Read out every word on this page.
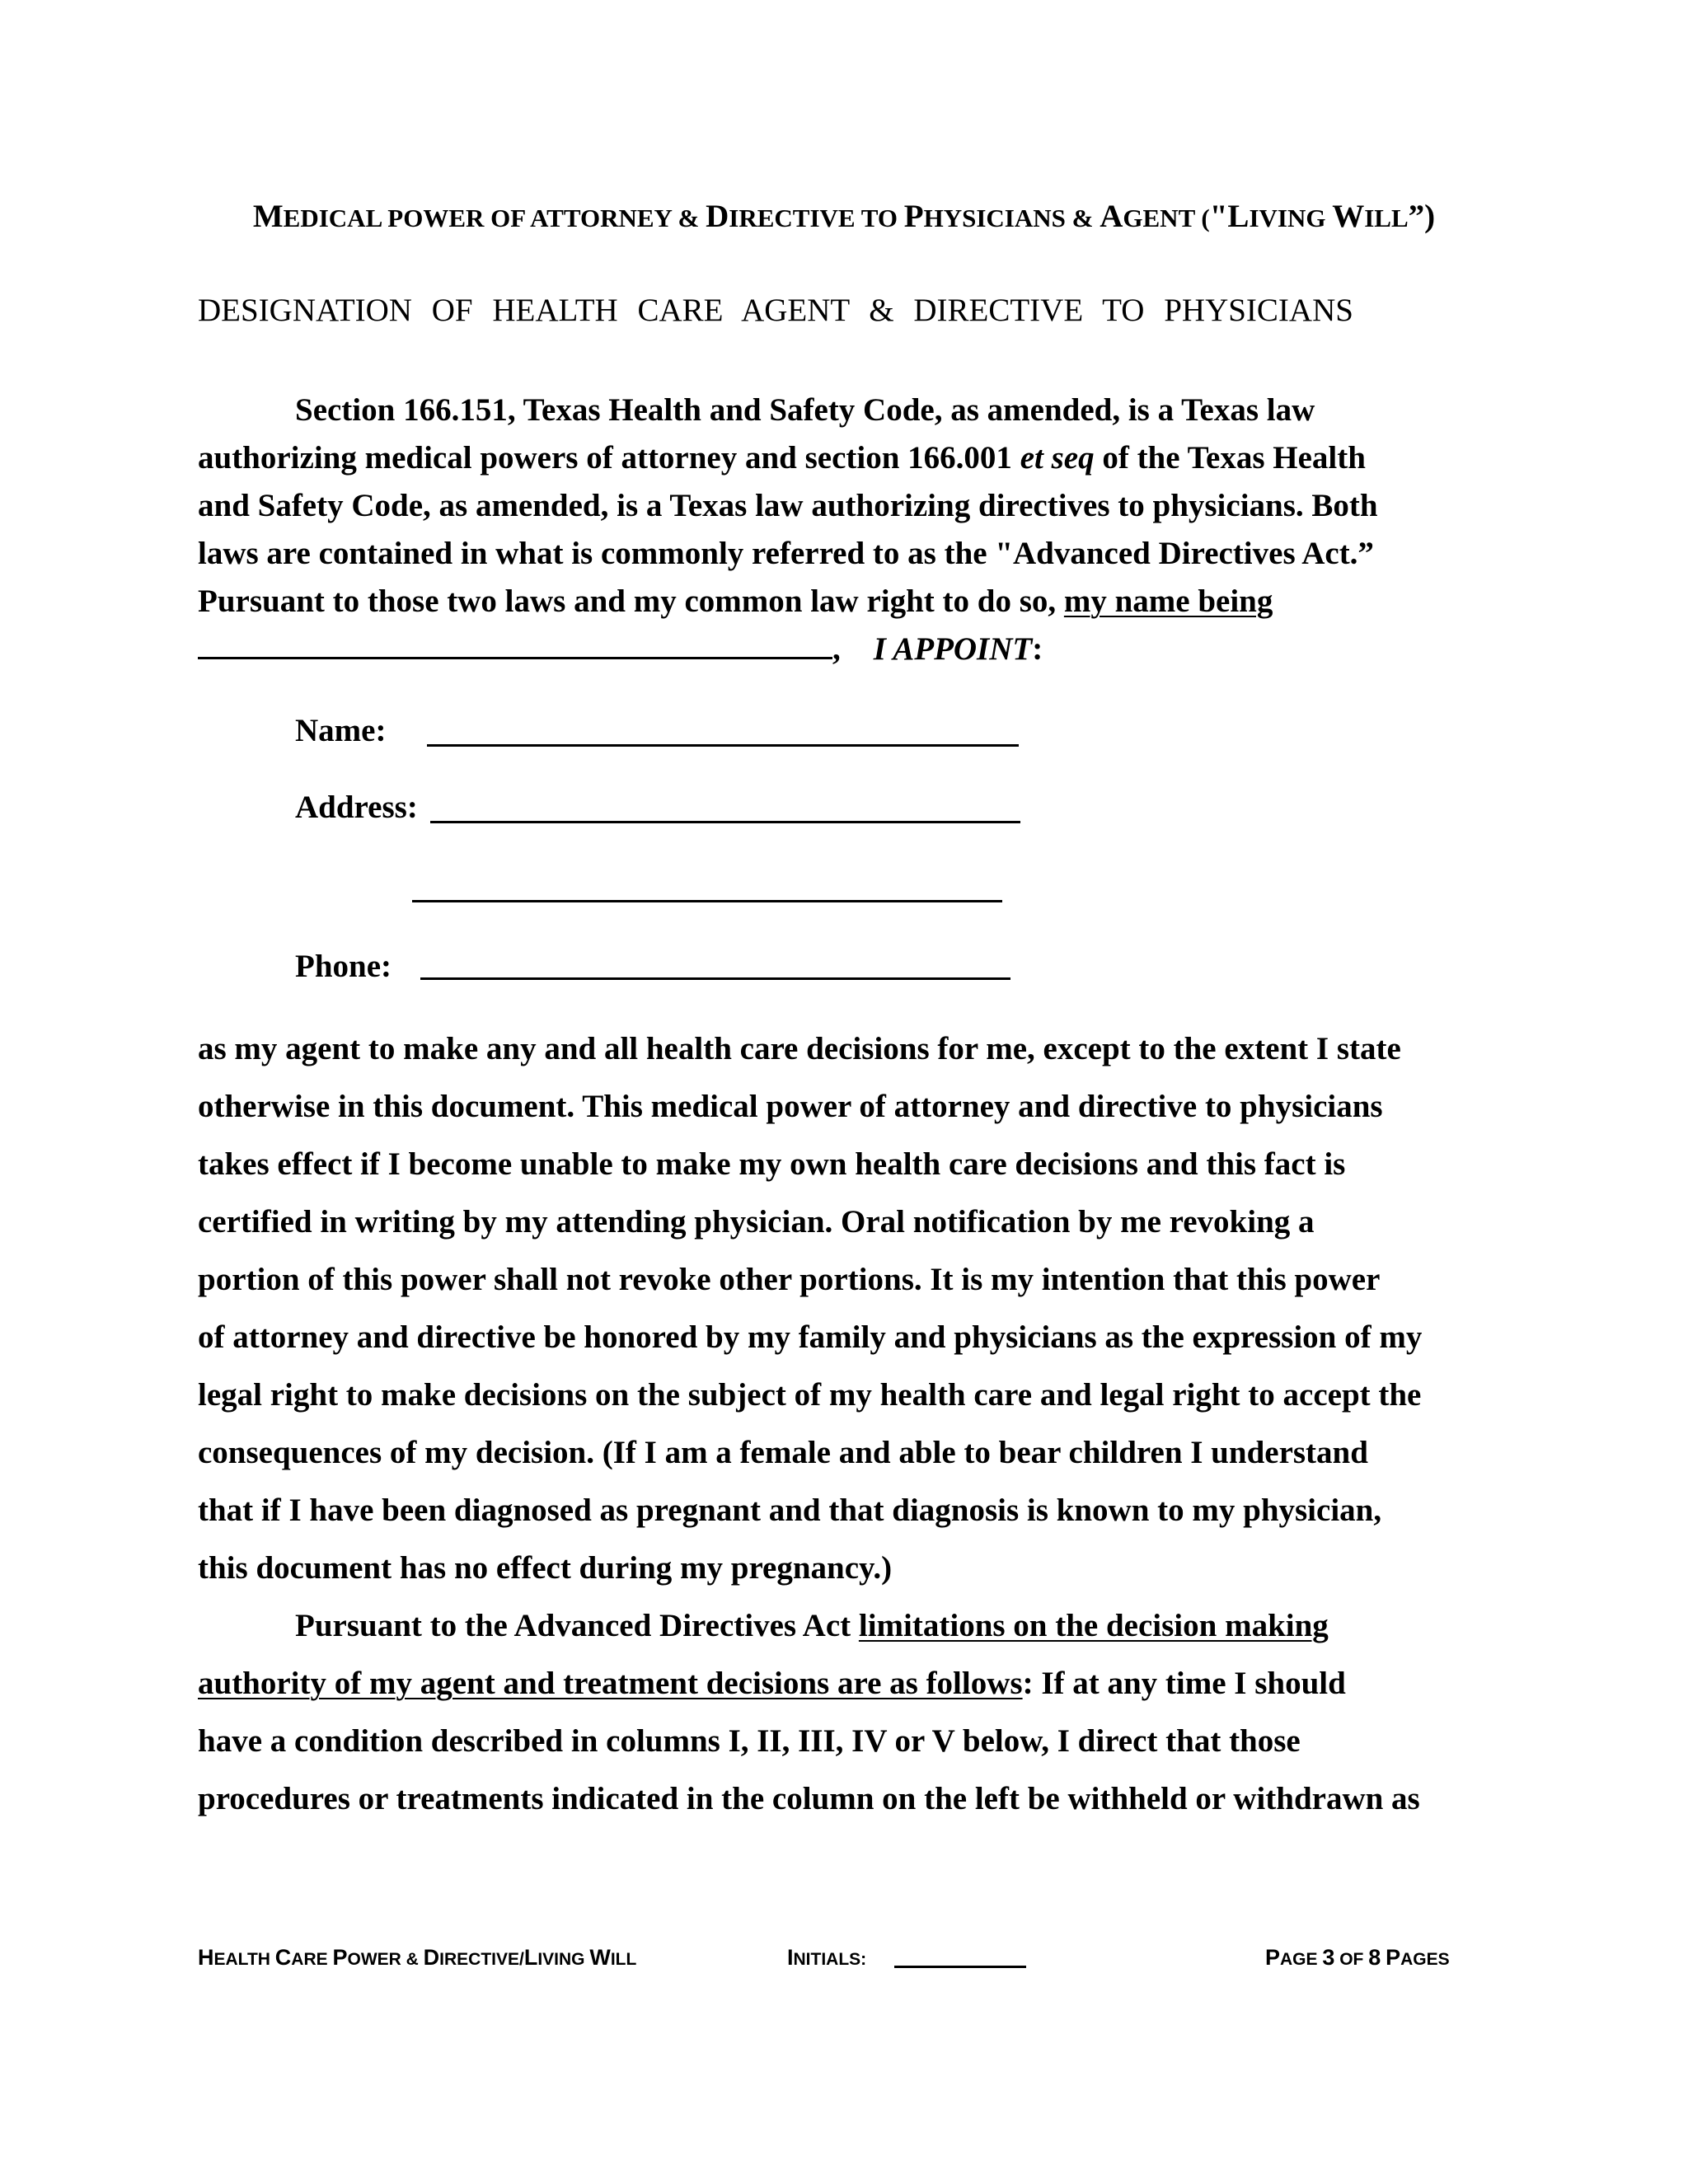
MEDICAL POWER OF ATTORNEY & DIRECTIVE TO PHYSICIANS & AGENT ("LIVING WILL”)
DESIGNATION OF HEALTH CARE AGENT & DIRECTIVE TO PHYSICIANS
Section 166.151, Texas Health and Safety Code, as amended, is a Texas law
authorizing medical powers of attorney and section 166.001 et seq of the Texas Health
and Safety Code, as amended, is a Texas law authorizing directives to physicians. Both
laws are contained in what is commonly referred to as the "Advanced Directives Act.”
Pursuant to those two laws and my common law right to do so, my name being
, I APPOINT:
Name:
Address:
Phone:
as my agent to make any and all health care decisions for me, except to the extent I state
otherwise in this document. This medical power of attorney and directive to physicians
takes effect if I become unable to make my own health care decisions and this fact is
certified in writing by my attending physician. Oral notification by me revoking a
portion of this power shall not revoke other portions. It is my intention that this power
of attorney and directive be honored by my family and physicians as the expression of my
legal right to make decisions on the subject of my health care and legal right to accept the
consequences of my decision. (If I am a female and able to bear children I understand
that if I have been diagnosed as pregnant and that diagnosis is known to my physician,
this document has no effect during my pregnancy.)
Pursuant to the Advanced Directives Act limitations on the decision making
authority of my agent and treatment decisions are as follows: If at any time I should
have a condition described in columns I, II, III, IV or V below, I direct that those
procedures or treatments indicated in the column on the left be withheld or withdrawn as
HEALTH CARE POWER & DIRECTIVE/LIVING WILL	INITIALS:	PAGE 3 OF 8 PAGES
